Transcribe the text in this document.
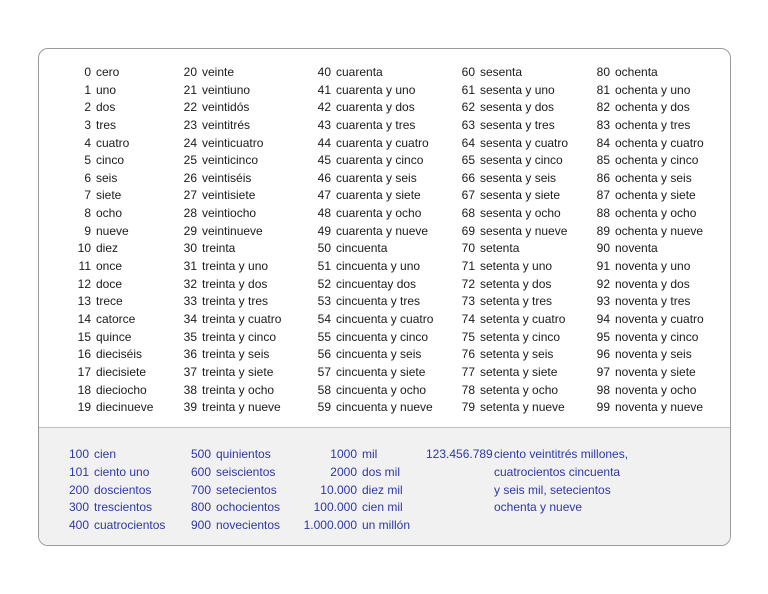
0 cero
1 uno
2 dos
3 tres
4 cuatro
5 cinco
6 seis
7 siete
8 ocho
9 nueve
10 diez
11 once
12 doce
13 trece
14 catorce
15 quince
16 dieciséis
17 diecisiete
18 dieciocho
19 diecinueve
20 veinte
21 veintiuno
22 veintidós
23 veintitrés
24 veinticuatro
25 veinticinco
26 veintiséis
27 veintisiete
28 veintiocho
29 veintinueve
30 treinta
31 treinta y uno
32 treinta y dos
33 treinta y tres
34 treinta y cuatro
35 treinta y cinco
36 treinta y seis
37 treinta y siete
38 treinta y ocho
39 treinta y nueve
40 cuarenta
41 cuarenta y uno
42 cuarenta y dos
43 cuarenta y tres
44 cuarenta y cuatro
45 cuarenta y cinco
46 cuarenta y seis
47 cuarenta y siete
48 cuarenta y ocho
49 cuarenta y nueve
50 cincuenta
51 cincuenta y uno
52 cincuentay dos
53 cincuenta y tres
54 cincuenta y cuatro
55 cincuenta y cinco
56 cincuenta y seis
57 cincuenta y siete
58 cincuenta y ocho
59 cincuenta y nueve
60 sesenta
61 sesenta y uno
62 sesenta y dos
63 sesenta y tres
64 sesenta y cuatro
65 sesenta y cinco
66 sesenta y seis
67 sesenta y siete
68 sesenta y ocho
69 sesenta y nueve
70 setenta
71 setenta y uno
72 setenta y dos
73 setenta y tres
74 setenta y cuatro
75 setenta y cinco
76 setenta y seis
77 setenta y siete
78 setenta y ocho
79 setenta y nueve
80 ochenta
81 ochenta y uno
82 ochenta y dos
83 ochenta y tres
84 ochenta y cuatro
85 ochenta y cinco
86 ochenta y seis
87 ochenta y siete
88 ochenta y ocho
89 ochenta y nueve
90 noventa
91 noventa y uno
92 noventa y dos
93 noventa y tres
94 noventa y cuatro
95 noventa y cinco
96 noventa y seis
97 noventa y siete
98 noventa y ocho
99 noventa y nueve
123.456.789 ciento veintitrés millones,
cuatrocientos cincuenta
y seis mil, setecientos
ochenta y nueve
100 cien
101 ciento uno
200 doscientos
300 trescientos
400 cuatrocientos
500 quinientos
600 seiscientos
700 setecientos
800 ochocientos
900 novecientos
1000 mil
2000 dos mil
10.000 diez mil
100.000 cien mil
1.000.000 un millón
